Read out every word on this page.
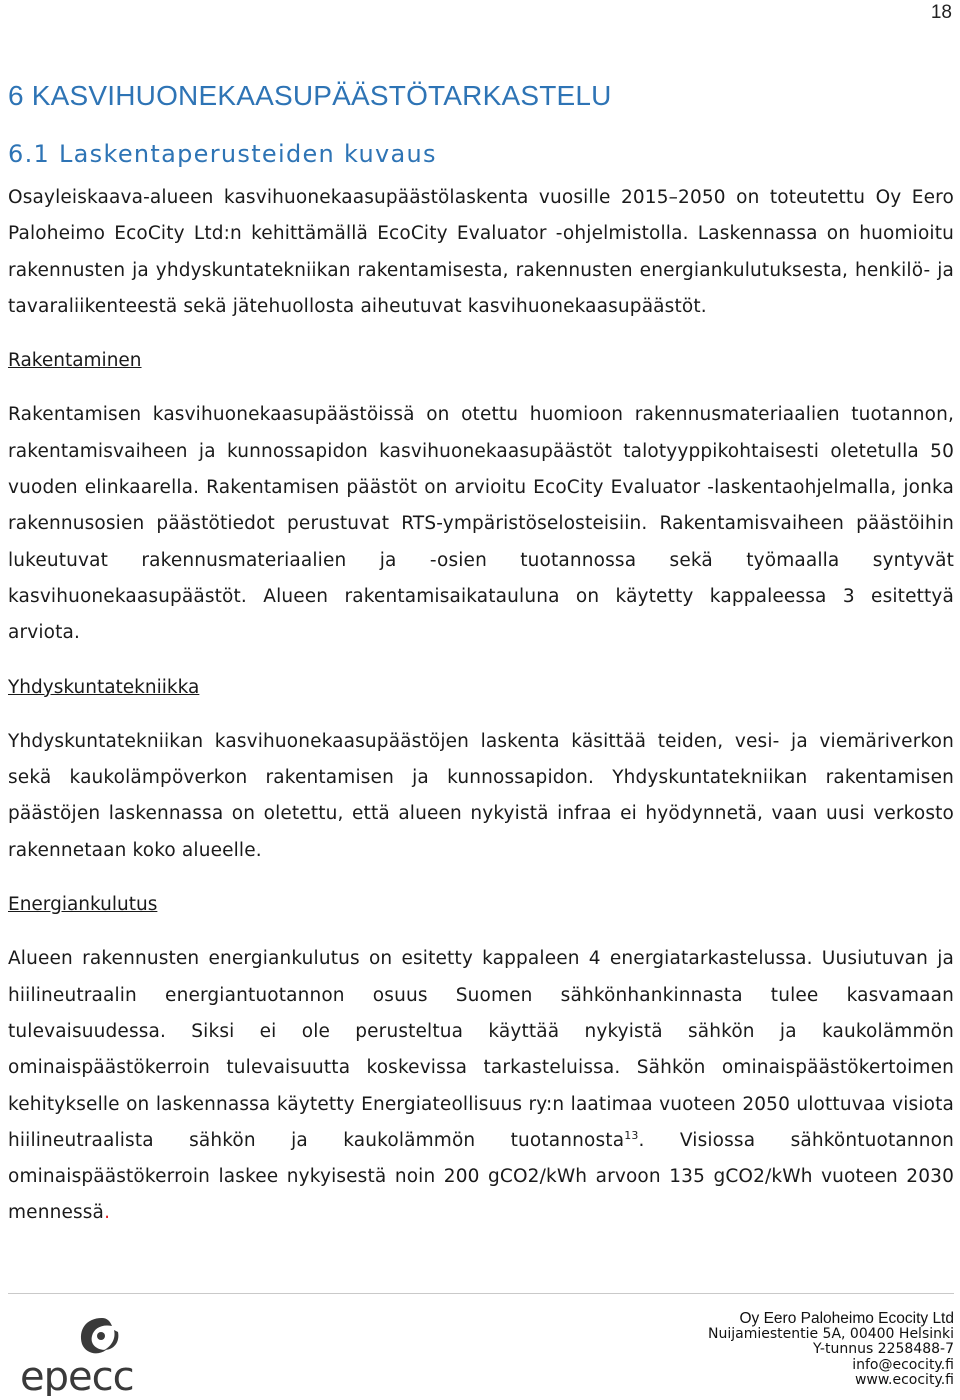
18
6 KASVIHUONEKAASUPÄÄSTÖTARKASTELU
6.1 Laskentaperusteiden kuvaus

Osayleiskaava-alueen kasvihuonekaasupäästölaskenta vuosille 2015–2050 on toteutettu Oy Eero Paloheimo EcoCity Ltd:n kehittämällä EcoCity Evaluator -ohjelmistolla. Laskennassa on huomioitu rakennusten ja yhdyskuntatekniikan rakentamisesta, rakennusten energiankulutuksesta, henkilö- ja tavaraliikenteestä sekä jätehuollosta aiheutuvat kasvihuonekaasupäästöt.

Rakentaminen

Rakentamisen kasvihuonekaasupäästöissä on otettu huomioon rakennusmateriaalien tuotannon, rakentamisvaiheen ja kunnossapidon kasvihuonekaasupäästöt talotyyppikohtaisesti oletetulla 50 vuoden elinkaarella. Rakentamisen päästöt on arvioitu EcoCity Evaluator -laskentaohjelmalla, jonka rakennusosien päästötiedot perustuvat RTS-ympäristöselosteisiin. Rakentamisvaiheen päästöihin lukeutuvat rakennusmateriaalien ja -osien tuotannossa sekä työmaalla syntyvät kasvihuonekaasupäästöt. Alueen rakentamisaikatauluna on käytetty kappaleessa 3 esitettyä arviota.

Yhdyskuntatekniikka

Yhdyskuntatekniikan kasvihuonekaasupäästöjen laskenta käsittää teiden, vesi- ja viemäriverkon sekä kaukolämpöverkon rakentamisen ja kunnossapidon. Yhdyskuntatekniikan rakentamisen päästöjen laskennassa on oletettu, että alueen nykyistä infraa ei hyödynnetä, vaan uusi verkosto rakennetaan koko alueelle.

Energiankulutus

Alueen rakennusten energiankulutus on esitetty kappaleen 4 energiatarkastelussa. Uusiutuvan ja hiilineutraalin energiantuotannon osuus Suomen sähkönhankinnasta tulee kasvamaan tulevaisuudessa. Siksi ei ole perusteltua käyttää nykyistä sähkön ja kaukolämmön ominaispäästökerroin tulevaisuutta koskevissa tarkasteluissa. Sähkön ominaispäästökertoimen kehitykselle on laskennassa käytetty Energiateollisuus ry:n laatimaa vuoteen 2050 ulottuvaa visiota hiilineutraalista sähkön ja kaukolämmön tuotannosta$^{13}$. Visiossa sähköntuotannon ominaispäästökerroin laskee nykyisestä noin 200 gCO2/kWh arvoon 135 gCO2/kWh vuoteen 2030 mennessä.

epecc
Oy Eero Paloheimo Ecocity Ltd
Nuijamiestentie 5A, 00400 Helsinki
Y-tunnus 2258488-7
info@ecocity.fi
www.ecocity.fi
